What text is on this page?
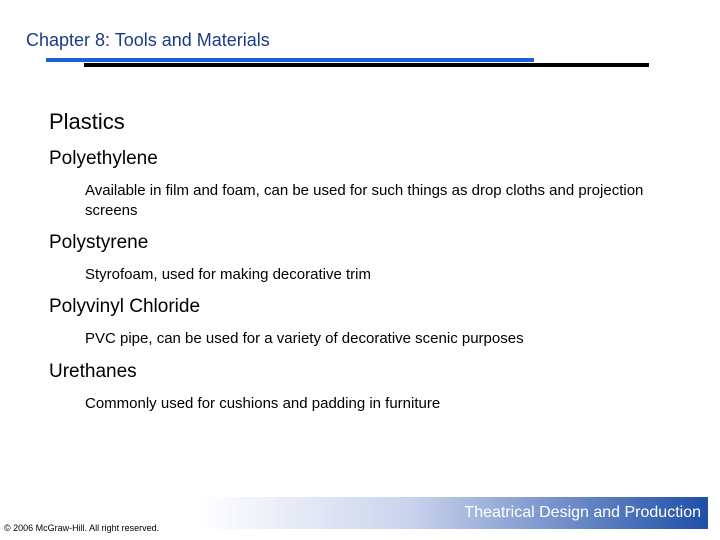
Chapter 8: Tools and Materials
Plastics
Polyethylene
Available in film and foam, can be used for such things as drop cloths and projection screens
Polystyrene
Styrofoam, used for making decorative trim
Polyvinyl Chloride
PVC pipe, can be used for a variety of decorative scenic purposes
Urethanes
Commonly used for cushions and padding in furniture
Theatrical Design and Production
© 2006 McGraw-Hill. All right reserved.
